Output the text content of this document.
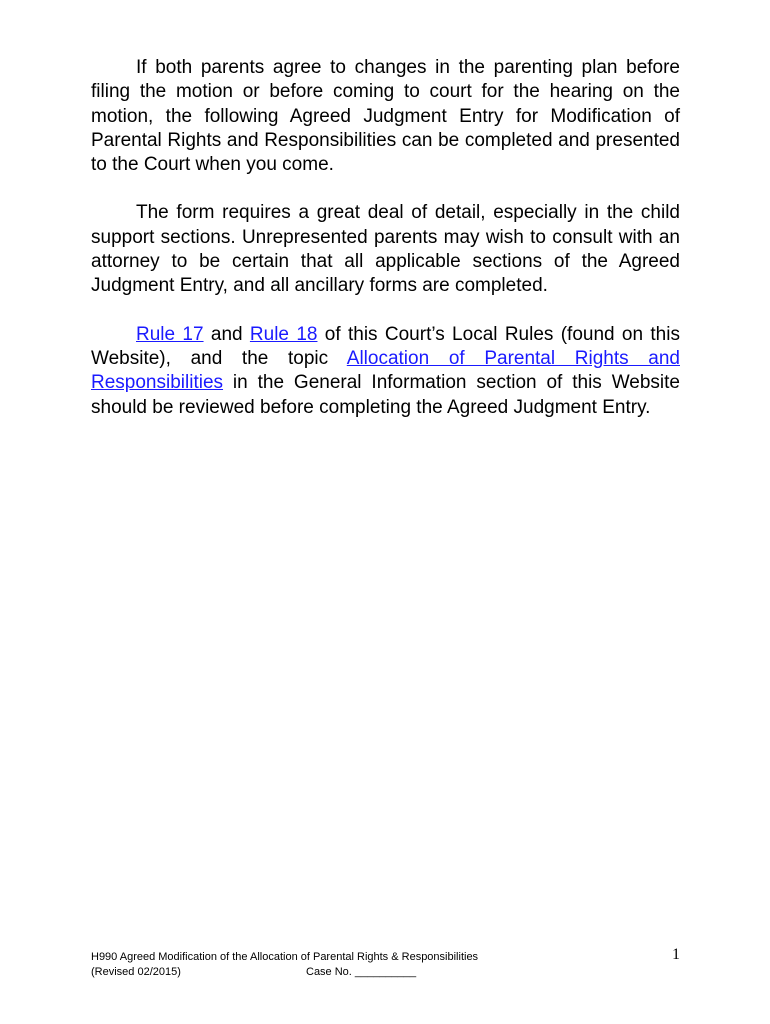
If both parents agree to changes in the parenting plan before filing the motion or before coming to court for the hearing on the motion, the following Agreed Judgment Entry for Modification of Parental Rights and Responsibilities can be completed and presented to the Court when you come.

The form requires a great deal of detail, especially in the child support sections. Unrepresented parents may wish to consult with an attorney to be certain that all applicable sections of the Agreed Judgment Entry, and all ancillary forms are completed.

Rule 17 and Rule 18 of this Court’s Local Rules (found on this Website), and the topic Allocation of Parental Rights and Responsibilities in the General Information section of this Website should be reviewed before completing the Agreed Judgment Entry.

H990 Agreed Modification of the Allocation of Parental Rights & Responsibilities
(Revised 02/2015)	Case No. __________
1
